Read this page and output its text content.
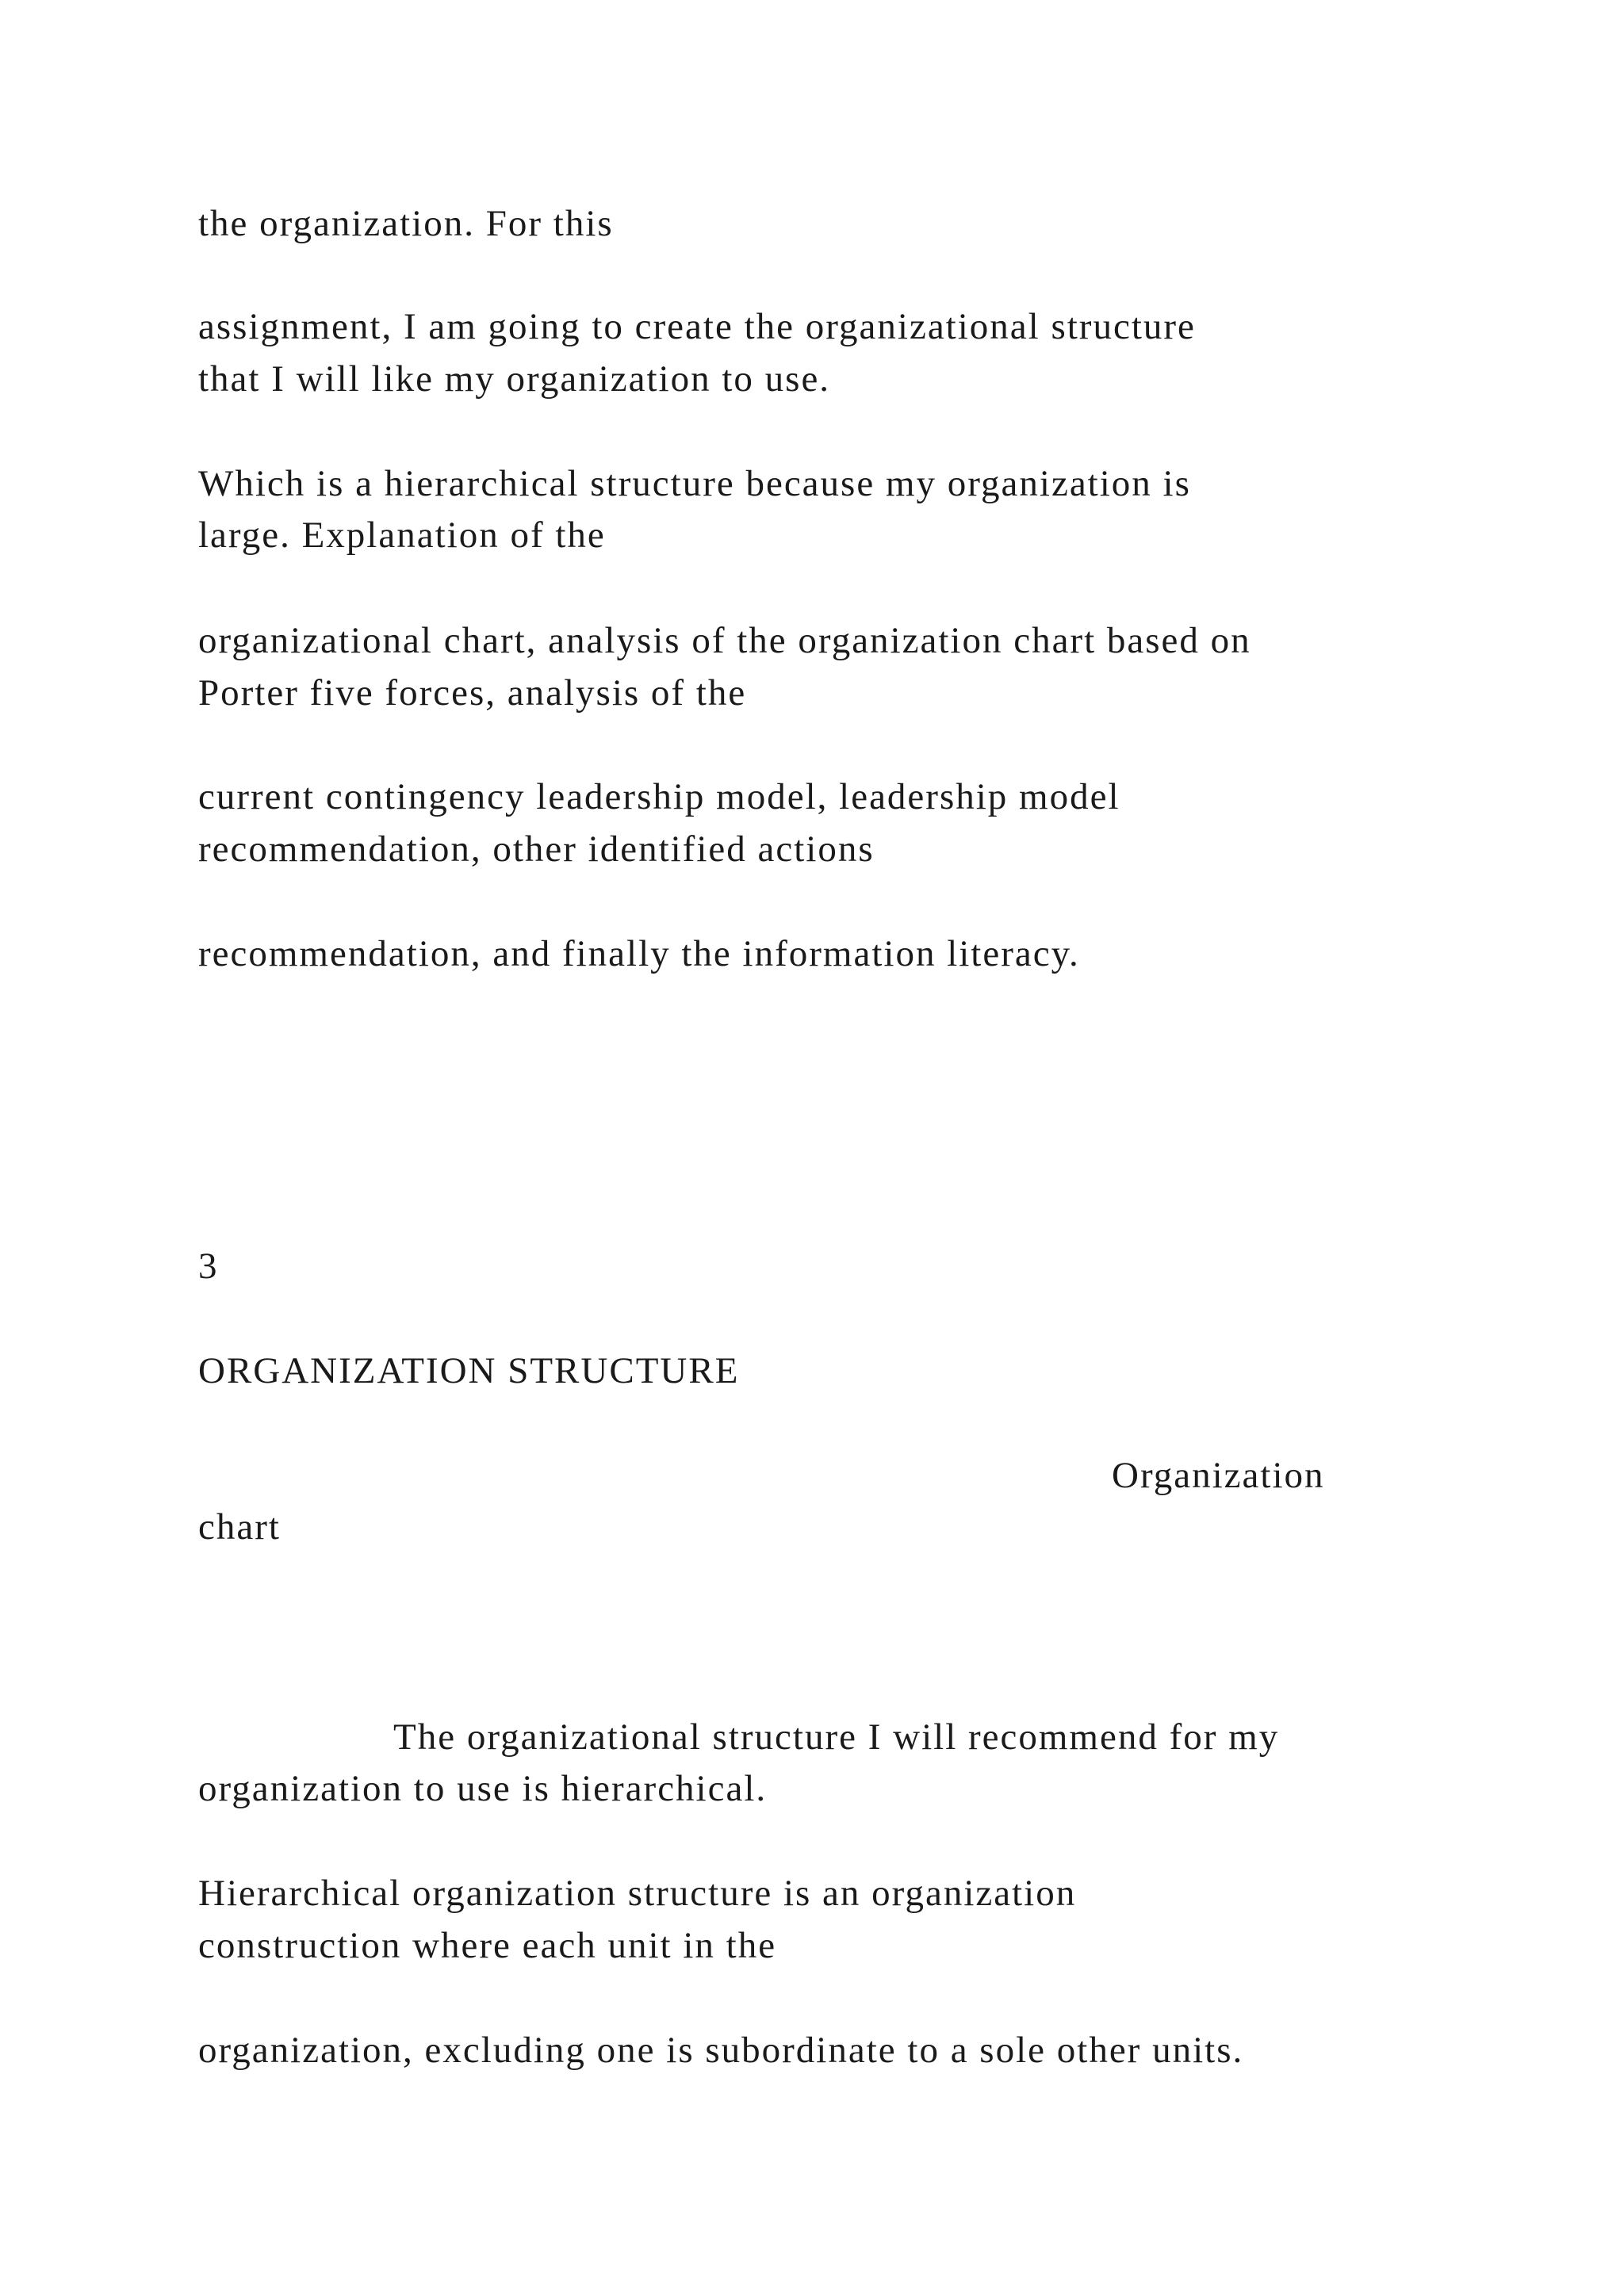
the organization. For this

assignment, I am going to create the organizational structure

that I will like my organization to use.

Which is a hierarchical structure because my organization is

large. Explanation of the

organizational chart, analysis of the organization chart based on

Porter five forces, analysis of the

current contingency leadership model, leadership model

recommendation, other identified actions

recommendation, and finally the information literacy.

3

ORGANIZATION STRUCTURE

Organization

chart

The organizational structure I will recommend for my

organization to use is hierarchical.

Hierarchical organization structure is an organization

construction where each unit in the

organization, excluding one is subordinate to a sole other units.
